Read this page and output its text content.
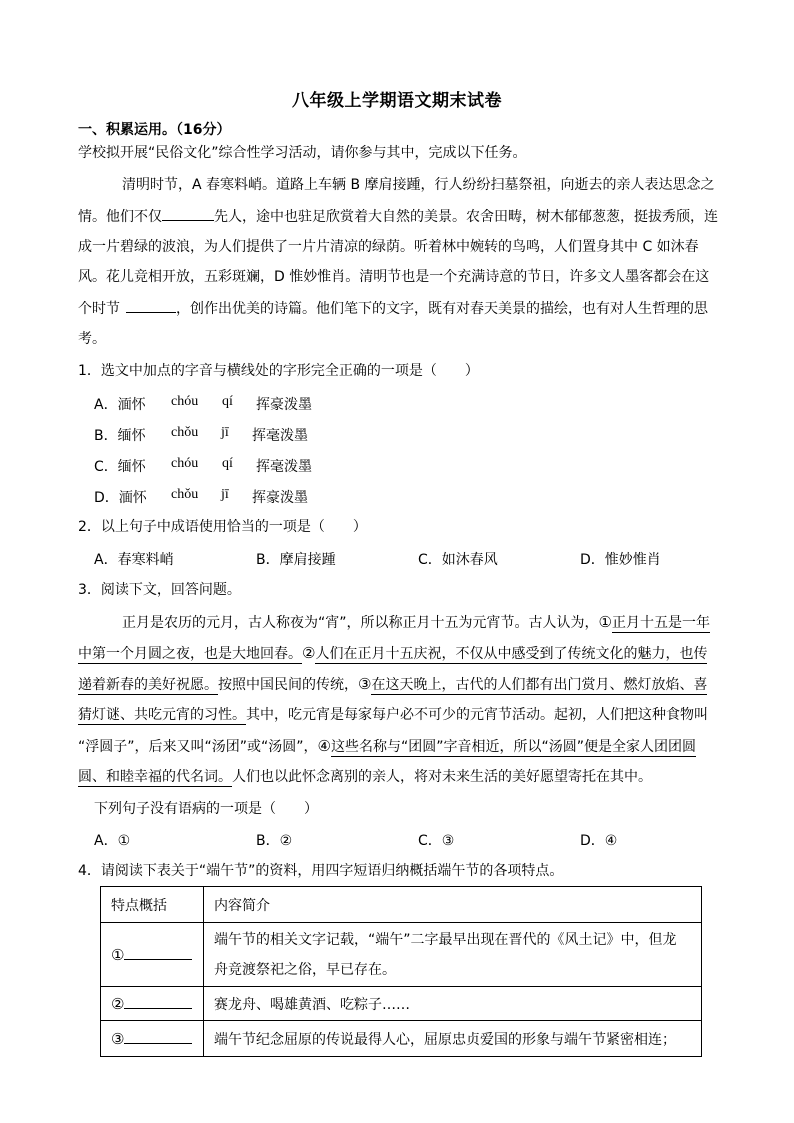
八年级上学期语文期末试卷
一、积累运用。（16分）
学校拟开展“民俗文化”综合性学习活动，请你参与其中，完成以下任务。
清明时节，A 春寒料峭。道路上车辆 B 摩肩接踵，行人纷纷扫墓祭祖，向逝去的亲人表达思念之
情。他们不仅	先人，途中也驻足欣赏着大自然的美景。农舍田畴，树木郁郁葱葱，挺拔秀颀，连
成一片碧绿的波浪，为人们提供了一片片清凉的绿荫。听着林中婉转的鸟鸣，人们置身其中 C 如沐春
风。花儿竞相开放，五彩斑斓，D 惟妙惟肖。清明节也是一个充满诗意的节日，许多文人墨客都会在这
个时节	，创作出优美的诗篇。他们笔下的文字，既有对春天美景的描绘，也有对人生哲理的思
考。
1．选文中加点的字音与横线处的字形完全正确的一项是（　　）
A．湎怀 chóu qí 挥豪泼墨
B．缅怀 chǒu jī 挥毫泼墨
C．缅怀 chóu qí 挥毫泼墨
D．湎怀 chǒu jī 挥豪泼墨
2．以上句子中成语使用恰当的一项是（　　）
A．春寒料峭	B．摩肩接踵	C．如沐春风	D．惟妙惟肖
3．阅读下文，回答问题。
正月是农历的元月，古人称夜为“宵”，所以称正月十五为元宵节。古人认为，①正月十五是一年
中第一个月圆之夜，也是大地回春。②人们在正月十五庆祝，不仅从中感受到了传统文化的魅力，也传
递着新春的美好祝愿。按照中国民间的传统，③在这天晚上，古代的人们都有出门赏月、燃灯放焰、喜
猜灯谜、共吃元宵的习性。其中，吃元宵是每家每户必不可少的元宵节活动。起初，人们把这种食物叫
“浮圆子”，后来又叫“汤团”或“汤圆”，④这些名称与“团圆”字音相近，所以“汤圆”便是全家人团团圆
圆、和睦幸福的代名词。人们也以此怀念离别的亲人，将对未来生活的美好愿望寄托在其中。
下列句子没有语病的一项是（　　）
A．①	B．②	C．③	D．④
4．请阅读下表关于“端午节”的资料，用四字短语归纳概括端午节的各项特点。
特点概括	内容简介
①	端午节的相关文字记载，“端午”二字最早出现在晋代的《风土记》中，但龙
舟竞渡祭祀之俗，早已存在。

②	赛龙舟、喝雄黄酒、吃粽子……
③	端午节纪念屈原的传说最得人心，屈原忠贞爱国的形象与端午节紧密相连；
